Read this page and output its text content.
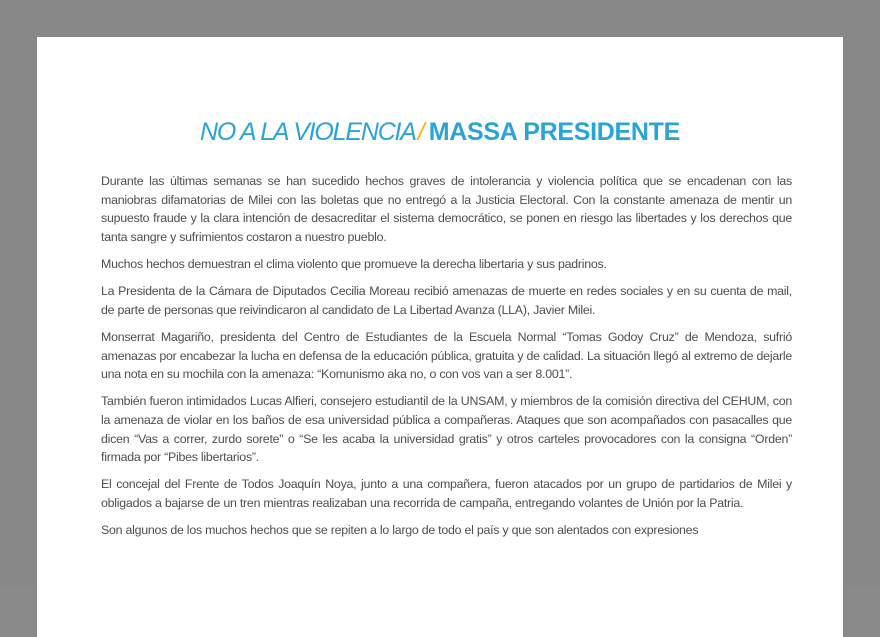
NO A LA VIOLENCIA/ MASSA PRESIDENTE

Durante las últimas semanas se han sucedido hechos graves de intolerancia y violencia política que se encadenan con las maniobras difamatorias de Milei con las boletas que no entregó a la Justicia Electoral. Con la constante amenaza de mentir un supuesto fraude y la clara intención de desacreditar el sistema democrático, se ponen en riesgo las libertades y los derechos que tanta sangre y sufrimientos costaron a nuestro pueblo.

Muchos hechos demuestran el clima violento que promueve la derecha libertaria y sus padrinos.

La Presidenta de la Cámara de Diputados Cecilia Moreau recibió amenazas de muerte en redes sociales y en su cuenta de mail, de parte de personas que reivindicaron al candidato de La Libertad Avanza (LLA), Javier Milei.

Monserrat Magariño, presidenta del Centro de Estudiantes de la Escuela Normal “Tomas Godoy Cruz” de Mendoza, sufrió amenazas por encabezar la lucha en defensa de la educación pública, gratuita y de calidad. La situación llegó al extremo de dejarle una nota en su mochila con la amenaza: “Komunismo aka no, o con vos van a ser 8.001”.

También fueron intimidados Lucas Alfieri, consejero estudiantil de la UNSAM, y miembros de la comisión directiva del CEHUM, con la amenaza de violar en los baños de esa universidad pública a compañeras. Ataques que son acompañados con pasacalles que dicen “Vas a correr, zurdo sorete” o “Se les acaba la universidad gratis” y otros carteles provocadores con la consigna “Orden” firmada por “Pibes libertarios”.

El concejal del Frente de Todos Joaquín Noya, junto a una compañera, fueron atacados por un grupo de partidarios de Milei y obligados a bajarse de un tren mientras realizaban una recorrida de campaña, entregando volantes de Unión por la Patria.

Son algunos de los muchos hechos que se repiten a lo largo de todo el país y que son alentados con expresiones
